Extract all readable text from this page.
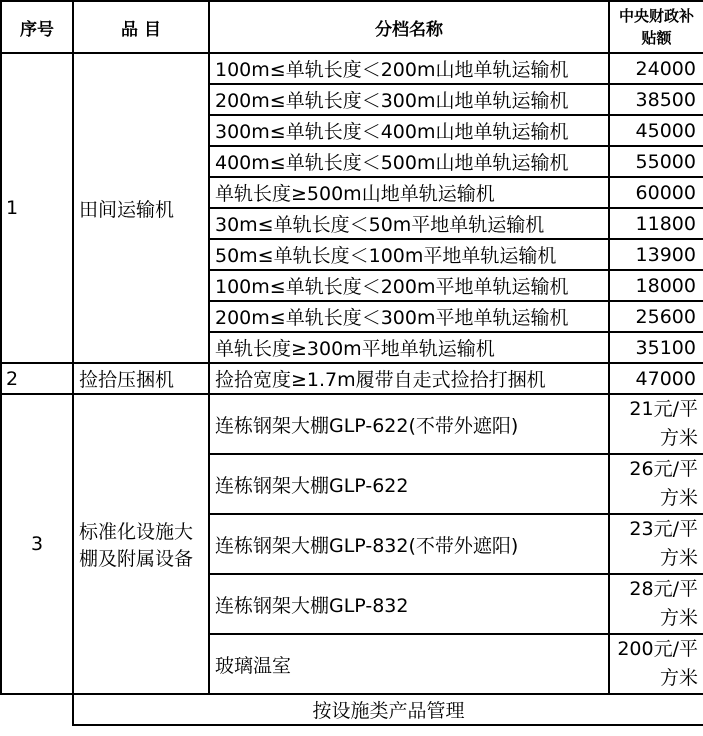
序号	品 目	分档名称	中央财政补贴额
1	田间运输机	100m≤单轨长度＜200m山地单轨运输机	24000
		200m≤单轨长度＜300m山地单轨运输机	38500
		300m≤单轨长度＜400m山地单轨运输机	45000
		400m≤单轨长度＜500m山地单轨运输机	55000
		单轨长度≥500m山地单轨运输机	60000
		30m≤单轨长度＜50m平地单轨运输机	11800
		50m≤单轨长度＜100m平地单轨运输机	13900
		100m≤单轨长度＜200m平地单轨运输机	18000
		200m≤单轨长度＜300m平地单轨运输机	25600
		单轨长度≥300m平地单轨运输机	35100
2	捡拾压捆机	捡拾宽度≥1.7m履带自走式捡拾打捆机	47000
3	标准化设施大棚及附属设备	连栋钢架大棚GLP-622(不带外遮阳)	21元/平方米
		连栋钢架大棚GLP-622	26元/平方米
		连栋钢架大棚GLP-832(不带外遮阳)	23元/平方米
		连栋钢架大棚GLP-832	28元/平方米
		玻璃温室	200元/平方米
	按设施类产品管理		
